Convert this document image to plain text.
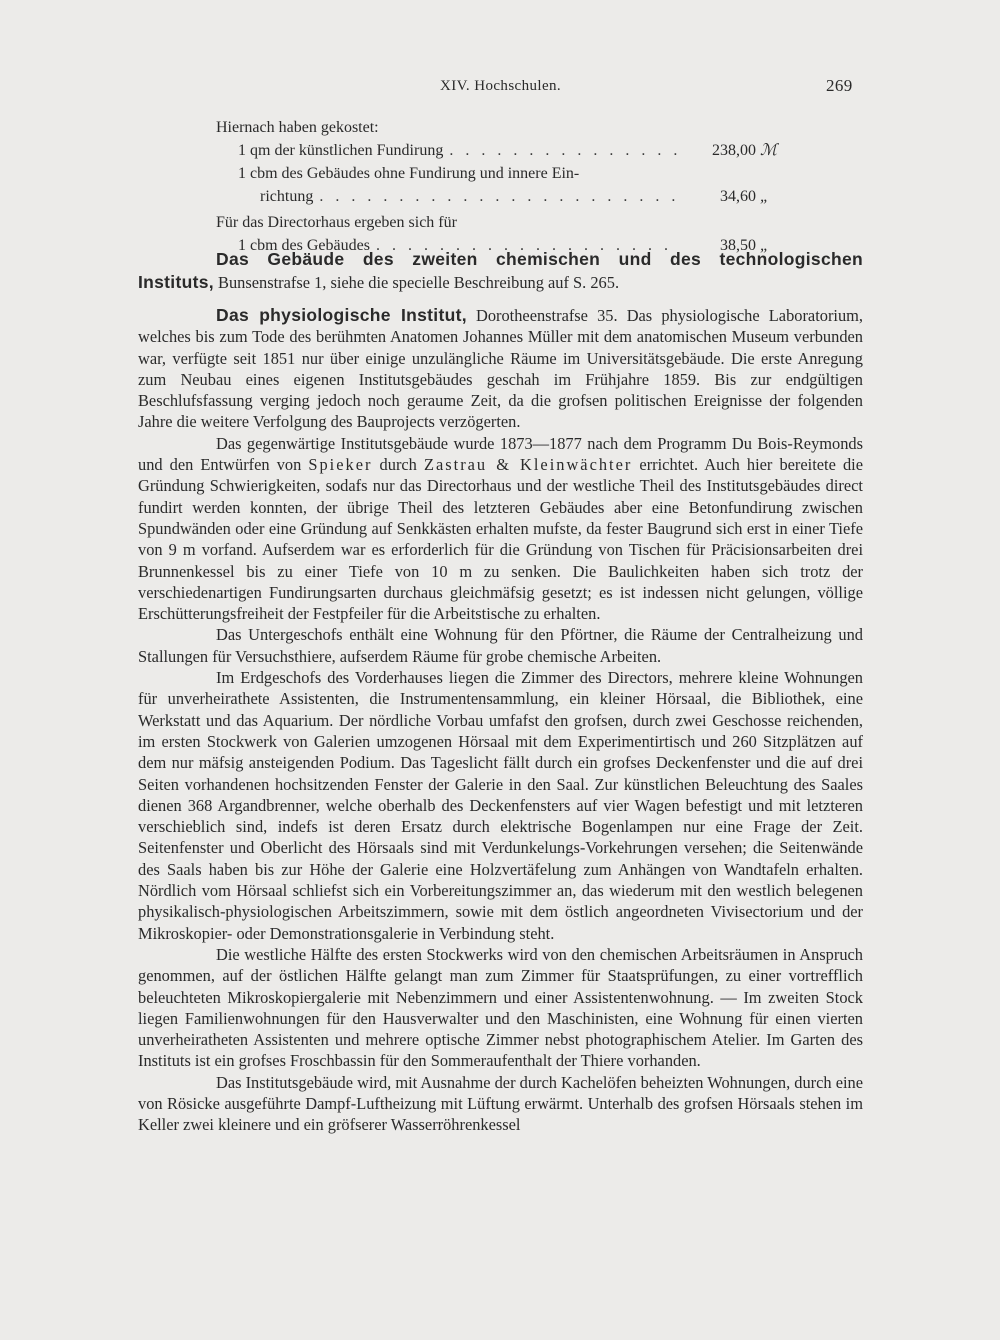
XIV. Hochschulen.	269
Hiernach haben gekostet:
1 qm der künstlichen Fundirung . . .	238,00 ℳ
1 cbm des Gebäudes ohne Fundirung und innere Ein-
richtung . . .	34,60 „
Für das Directorhaus ergeben sich für
1 cbm des Gebäudes . . .	38,50 „

Das Gebäude des zweiten chemischen und des technologischen Instituts, Bunsenstrafse 1, siehe die specielle Beschreibung auf S. 265.

Das physiologische Institut, Dorotheenstrafse 35. Das physiologische Laboratorium, welches bis zum Tode des berühmten Anatomen Johannes Müller mit dem anatomischen Museum verbunden war, verfügte seit 1851 nur über einige unzulängliche Räume im Universitätsgebäude. Die erste Anregung zum Neubau eines eigenen Institutsgebäudes geschah im Frühjahre 1859. Bis zur endgültigen Beschlufsfassung verging jedoch noch geraume Zeit, da die grofsen politischen Ereignisse der folgenden Jahre die weitere Verfolgung des Bauprojects verzögerten.

Das gegenwärtige Institutsgebäude wurde 1873—1877 nach dem Programm Du Bois-Reymonds und den Entwürfen von Spieker durch Zastrau & Kleinwächter errichtet. Auch hier bereitete die Gründung Schwierigkeiten, sodafs nur das Directorhaus und der westliche Theil des Institutsgebäudes direct fundirt werden konnten, der übrige Theil des letzteren Gebäudes aber eine Betonfundirung zwischen Spundwänden oder eine Gründung auf Senkkästen erhalten mufste, da fester Baugrund sich erst in einer Tiefe von 9 m vorfand. Aufserdem war es erforderlich für die Gründung von Tischen für Präcisionsarbeiten drei Brunnenkessel bis zu einer Tiefe von 10 m zu senken. Die Baulichkeiten haben sich trotz der verschiedenartigen Fundirungsarten durchaus gleichmäfsig gesetzt; es ist indessen nicht gelungen, völlige Erschütterungsfreiheit der Festpfeiler für die Arbeitstische zu erhalten.

Das Untergeschofs enthält eine Wohnung für den Pförtner, die Räume der Centralheizung und Stallungen für Versuchsthiere, aufserdem Räume für grobe chemische Arbeiten.

Im Erdgeschofs des Vorderhauses liegen die Zimmer des Directors, mehrere kleine Wohnungen für unverheirathete Assistenten, die Instrumentensammlung, ein kleiner Hörsaal, die Bibliothek, eine Werkstatt und das Aquarium. Der nördliche Vorbau umfafst den grofsen, durch zwei Geschosse reichenden, im ersten Stockwerk von Galerien umzogenen Hörsaal mit dem Experimentirtisch und 260 Sitzplätzen auf dem nur mäfsig ansteigenden Podium. Das Tageslicht fällt durch ein grofses Deckenfenster und die auf drei Seiten vorhandenen hochsitzenden Fenster der Galerie in den Saal. Zur künstlichen Beleuchtung des Saales dienen 368 Argandbrenner, welche oberhalb des Deckenfensters auf vier Wagen befestigt und mit letzteren verschieblich sind, indefs ist deren Ersatz durch elektrische Bogenlampen nur eine Frage der Zeit. Seitenfenster und Oberlicht des Hörsaals sind mit Verdunkelungs-Vorkehrungen versehen; die Seitenwände des Saals haben bis zur Höhe der Galerie eine Holzvertäfelung zum Anhängen von Wandtafeln erhalten. Nördlich vom Hörsaal schliefst sich ein Vorbereitungszimmer an, das wiederum mit den westlich belegenen physikalisch-physiologischen Arbeitszimmern, sowie mit dem östlich angeordneten Vivisectorium und der Mikroskopier- oder Demonstrationsgalerie in Verbindung steht.

Die westliche Hälfte des ersten Stockwerks wird von den chemischen Arbeitsräumen in Anspruch genommen, auf der östlichen Hälfte gelangt man zum Zimmer für Staatsprüfungen, zu einer vortrefflich beleuchteten Mikroskopiergalerie mit Nebenzimmern und einer Assistentenwohnung. — Im zweiten Stock liegen Familienwohnungen für den Hausverwalter und den Maschinisten, eine Wohnung für einen vierten unverheiratheten Assistenten und mehrere optische Zimmer nebst photographischem Atelier. Im Garten des Instituts ist ein grofses Froschbassin für den Sommeraufenthalt der Thiere vorhanden.

Das Institutsgebäude wird, mit Ausnahme der durch Kachelöfen beheizten Wohnungen, durch eine von Rösicke ausgeführte Dampf-Luftheizung mit Lüftung erwärmt. Unterhalb des grofsen Hörsaals stehen im Keller zwei kleinere und ein gröfserer Wasserröhrenkessel
